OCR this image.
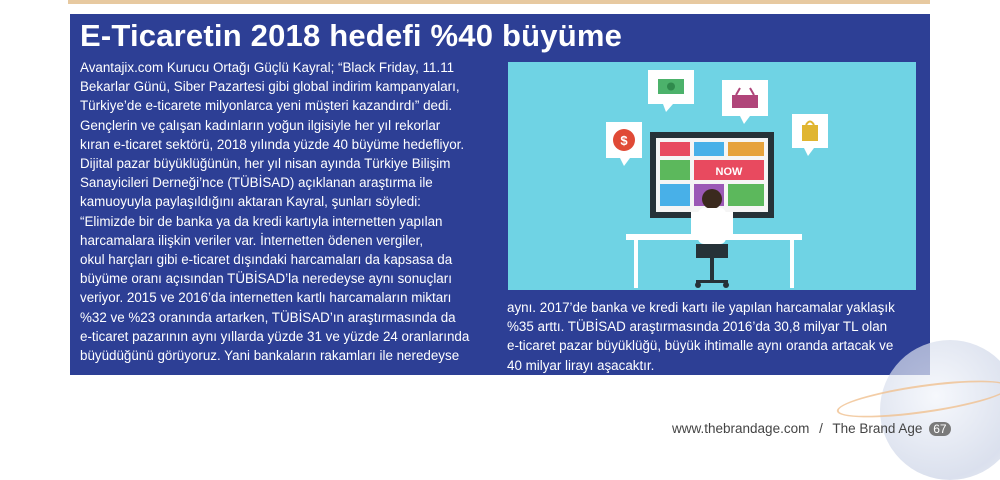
E-Ticaretin 2018 hedefi %40 büyüme
Avantajix.com Kurucu Ortağı Güçlü Kayral; “Black Friday, 11.11
Bekarlar Günü, Siber Pazartesi gibi global indirim kampanyaları,
Türkiye’de e-ticarete milyonlarca yeni müşteri kazandırdı” dedi.
Gençlerin ve çalışan kadınların yoğun ilgisiyle her yıl rekorlar
kıran e-ticaret sektörü, 2018 yılında yüzde 40 büyüme hedefliyor.
Dijital pazar büyüklüğünün, her yıl nisan ayında Türkiye Bilişim
Sanayicileri Derneği’nce (TÜBİSAD) açıklanan araştırma ile
kamuoyuyla paylaşıldığını aktaran Kayral, şunları söyledi:
“Elimizde bir de banka ya da kredi kartıyla internetten yapılan
harcamalara ilişkin veriler var. İnternetten ödenen vergiler,
okul harçları gibi e-ticaret dışındaki harcamaları da kapsasa da
büyüme oranı açısından TÜBİSAD’la neredeyse aynı sonuçları
veriyor. 2015 ve 2016’da internetten kartlı harcamaların miktarı
%32 ve %23 oranında artarken, TÜBİSAD’ın araştırmasında da
e-ticaret pazarının aynı yıllarda yüzde 31 ve yüzde 24 oranlarında
büyüdüğünü görüyoruz. Yani bankaların rakamları ile neredeyse
$
NOW
aynı. 2017’de banka ve kredi kartı ile yapılan harcamalar yaklaşık
%35 arttı. TÜBİSAD araştırmasında 2016’da 30,8 milyar TL olan
e-ticaret pazar büyüklüğü, büyük ihtimalle aynı oranda artacak ve
40 milyar lirayı aşacaktır.
www.thebrandage.com / The Brand Age 67
